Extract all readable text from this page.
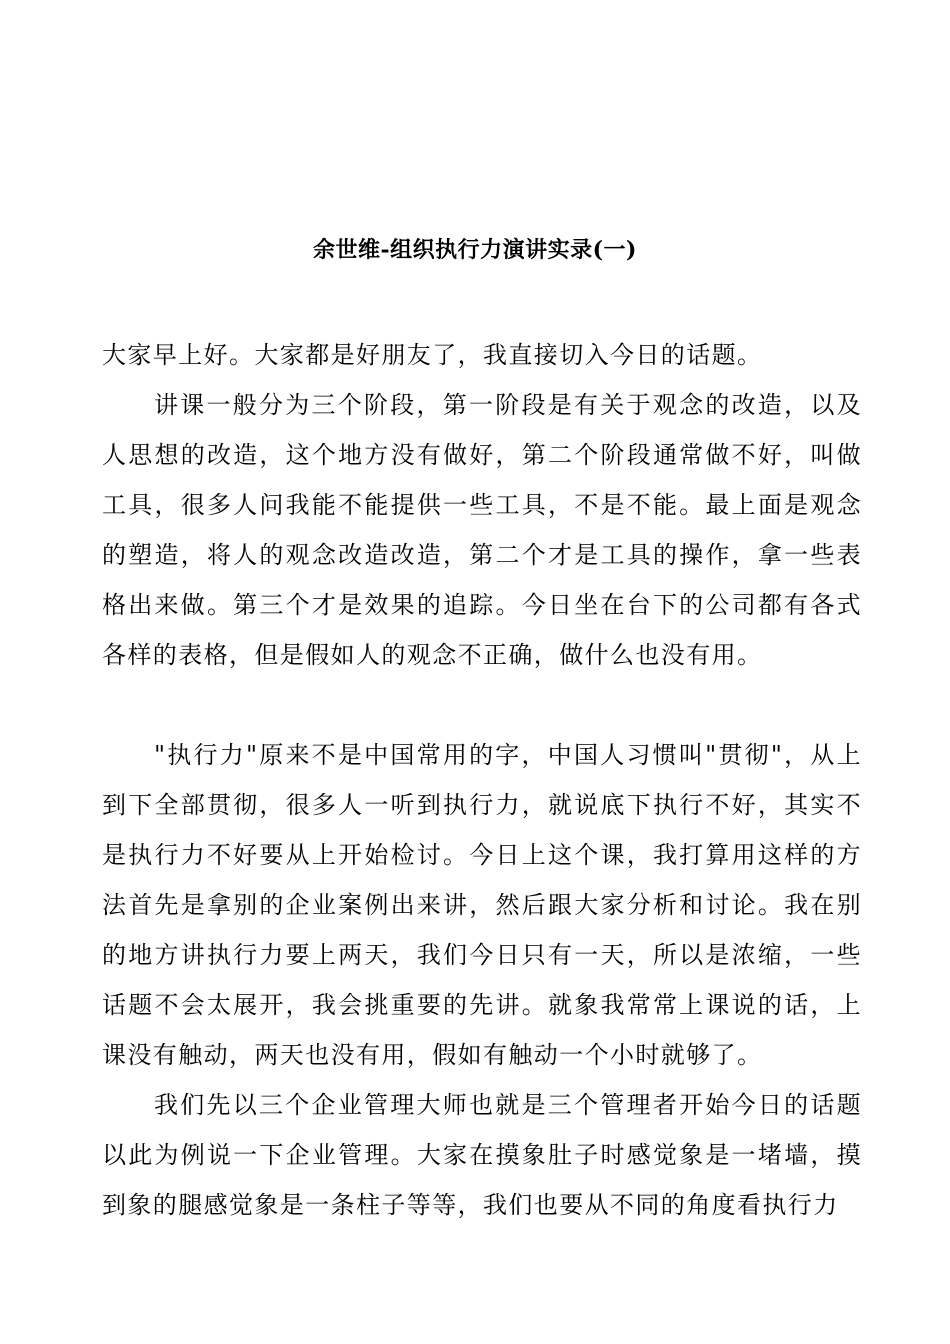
余世维-组织执行力演讲实录(一)

大家早上好。大家都是好朋友了，我直接切入今日的话题。

讲课一般分为三个阶段，第一阶段是有关于观念的改造，以及人思想的改造，这个地方没有做好，第二个阶段通常做不好，叫做工具，很多人问我能不能提供一些工具，不是不能。最上面是观念的塑造，将人的观念改造改造，第二个才是工具的操作，拿一些表格出来做。第三个才是效果的追踪。今日坐在台下的公司都有各式各样的表格，但是假如人的观念不正确，做什么也没有用。

"执行力"原来不是中国常用的字，中国人习惯叫"贯彻"，从上到下全部贯彻，很多人一听到执行力，就说底下执行不好，其实不是执行力不好要从上开始检讨。今日上这个课，我打算用这样的方法首先是拿别的企业案例出来讲，然后跟大家分析和讨论。我在别的地方讲执行力要上两天，我们今日只有一天，所以是浓缩，一些话题不会太展开，我会挑重要的先讲。就象我常常上课说的话，上课没有触动，两天也没有用，假如有触动一个小时就够了。

我们先以三个企业管理大师也就是三个管理者开始今日的话题以此为例说一下企业管理。大家在摸象肚子时感觉象是一堵墙，摸到象的腿感觉象是一条柱子等等，我们也要从不同的角度看执行力
